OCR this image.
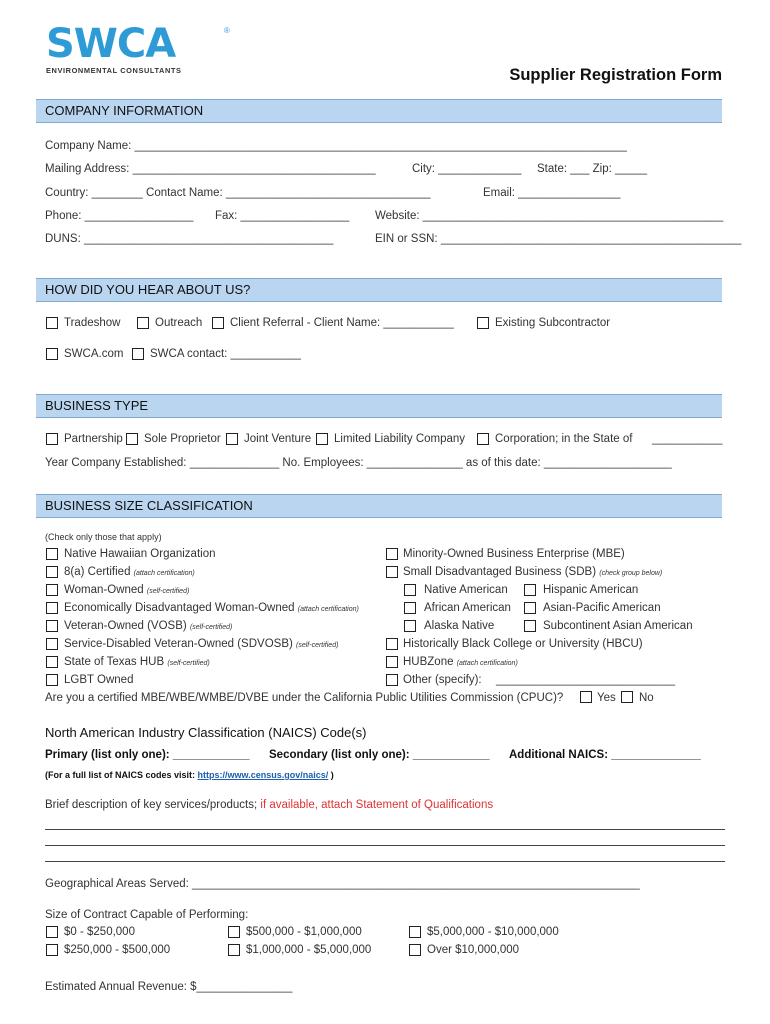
SWCA	®
ENVIRONMENTAL CONSULTANTS	Supplier Registration Form
COMPANY INFORMATION
Company Name: _____________________________________________________________________________
Mailing Address: ______________________________________	City: _____________ State: ___ Zip: _____
Country: ________ Contact Name: ________________________________	Email: ________________
Phone: _________________ Fax: _________________ Website: _______________________________________________
DUNS: _______________________________________	EIN or SSN: _______________________________________________
HOW DID YOU HEAR ABOUT US?
Tradeshow	Outreach Client Referral - Client Name: ___________	Existing Subcontractor
SWCA.com SWCA contact: ___________
BUSINESS TYPE
Partnership Sole Proprietor Joint Venture Limited Liability Company	Corporation; in the State of ___________
Year Company Established: ______________ No. Employees: _______________ as of this date: ____________________
BUSINESS SIZE CLASSIFICATION
(Check only those that apply)
Native Hawaiian Organization
8(a) Certified (attach certification)
Woman-Owned (self-certified)
Economically Disadvantaged Woman-Owned (attach certification)
Veteran-Owned (VOSB) (self-certified)
Service-Disabled Veteran-Owned (SDVOSB) (self-certified)
State of Texas HUB (self-certified)
LGBT Owned
Minority-Owned Business Enterprise (MBE)
Small Disadvantaged Business (SDB) (check group below)
Native American	Hispanic American
African American	Asian-Pacific American
Alaska Native	Subcontinent Asian American
Historically Black College or University (HBCU)
HUBZone (attach certification)
Other (specify): ____________________________
Are you a certified MBE/WBE/WMBE/DVBE under the California Public Utilities Commission (CPUC)?	Yes No
North American Industry Classification (NAICS) Code(s)
Primary (list only one): ____________ Secondary (list only one): ____________ Additional NAICS: ______________
(For a full list of NAICS codes visit: https://www.census.gov/naics/ )
Brief description of key services/products; if available, attach Statement of Qualifications
Geographical Areas Served: ______________________________________________________________________
Size of Contract Capable of Performing:
$0 - $250,000	$500,000 - $1,000,000	$5,000,000 - $10,000,000
$250,000 - $500,000	$1,000,000 - $5,000,000	Over $10,000,000
Estimated Annual Revenue: $_______________
